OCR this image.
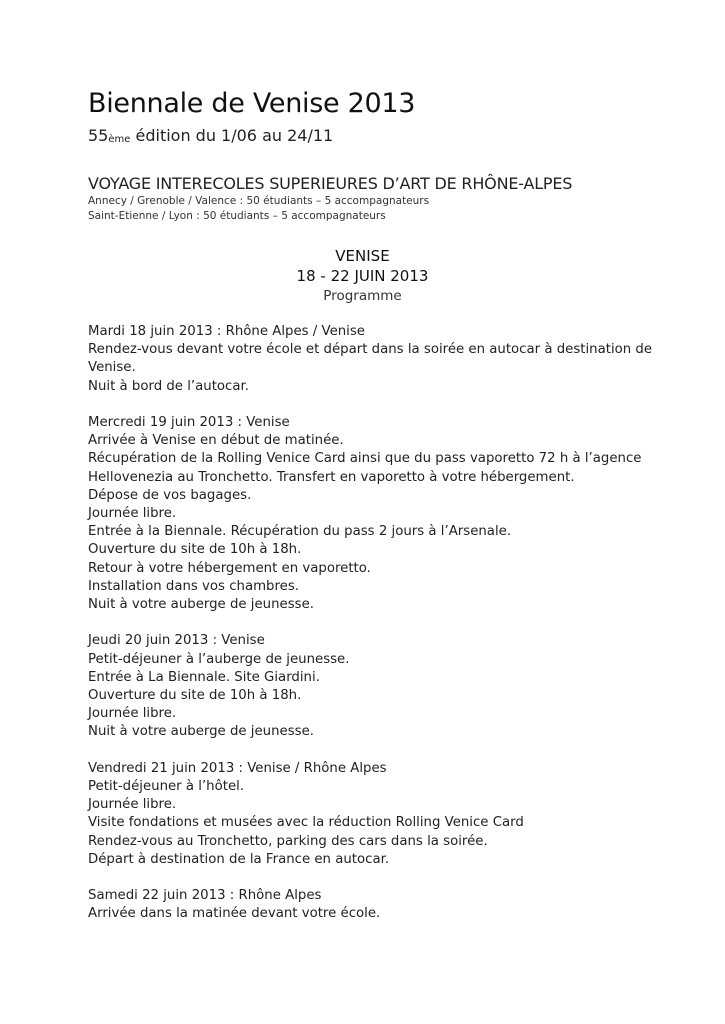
Biennale de Venise 2013
55ème édition du 1/06 au 24/11
VOYAGE INTERECOLES SUPERIEURES D’ART DE RHÔNE-ALPES
Annecy / Grenoble / Valence : 50 étudiants – 5 accompagnateurs
Saint-Etienne / Lyon : 50 étudiants – 5 accompagnateurs
VENISE
18 - 22 JUIN 2013
Programme
Mardi 18 juin 2013 : Rhône Alpes / Venise
Rendez-vous devant votre école et départ dans la soirée en autocar à destination de
Venise.
Nuit à bord de l’autocar.
Mercredi 19 juin 2013 : Venise
Arrivée à Venise en début de matinée.
Récupération de la Rolling Venice Card ainsi que du pass vaporetto 72 h à l’agence
Hellovenezia au Tronchetto. Transfert en vaporetto à votre hébergement.
Dépose de vos bagages.
Journée libre.
Entrée à la Biennale. Récupération du pass 2 jours à l’Arsenale.
Ouverture du site de 10h à 18h.
Retour à votre hébergement en vaporetto.
Installation dans vos chambres.
Nuit à votre auberge de jeunesse.
Jeudi 20 juin 2013 : Venise
Petit-déjeuner à l’auberge de jeunesse.
Entrée à La Biennale. Site Giardini.
Ouverture du site de 10h à 18h.
Journée libre.
Nuit à votre auberge de jeunesse.
Vendredi 21 juin 2013 : Venise / Rhône Alpes
Petit-déjeuner à l’hôtel.
Journée libre.
Visite fondations et musées avec la réduction Rolling Venice Card
Rendez-vous au Tronchetto, parking des cars dans la soirée.
Départ à destination de la France en autocar.
Samedi 22 juin 2013 : Rhône Alpes
Arrivée dans la matinée devant votre école.
